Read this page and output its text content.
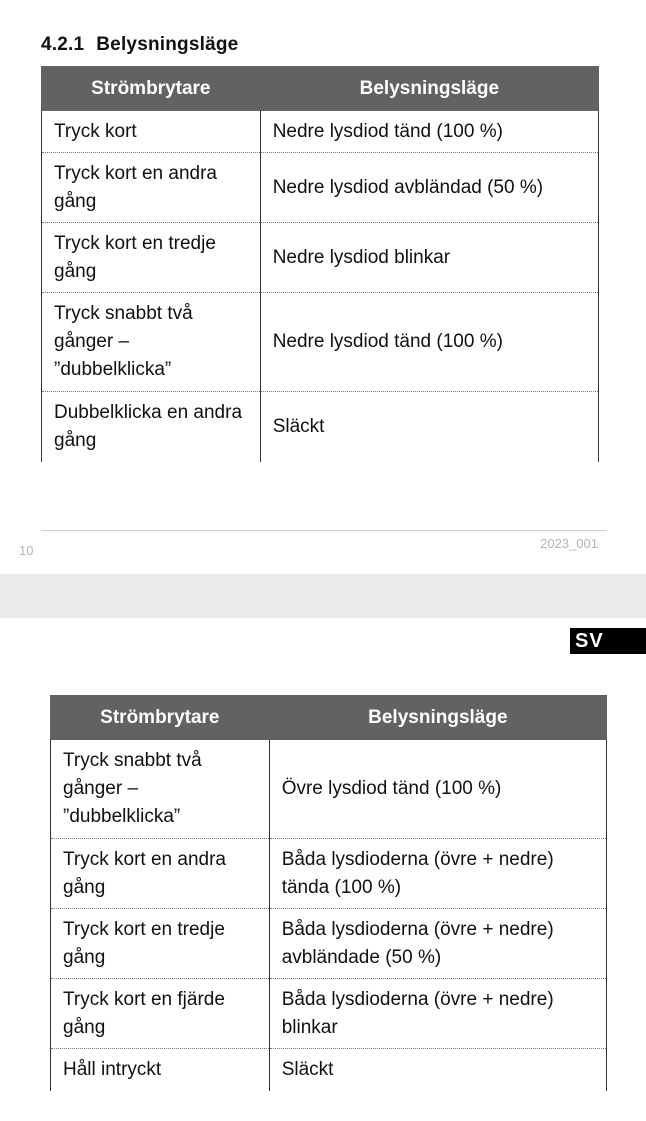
4.2.1 Belysningsläge
Strömbrytare	Belysningsläge
Tryck kort	Nedre lysdiod tänd (100 %)
Tryck kort en andra gång	Nedre lysdiod avbländad (50 %)
Tryck kort en tredje gång	Nedre lysdiod blinkar
Tryck snabbt två gånger – ”dubbelklicka”	Nedre lysdiod tänd (100 %)
Dubbelklicka en andra gång	Släckt
10	2023_001
SV
Strömbrytare	Belysningsläge
Tryck snabbt två gånger – ”dubbelklicka”	Övre lysdiod tänd (100 %)
Tryck kort en andra gång	Båda lysdioderna (övre + nedre) tända (100 %)
Tryck kort en tredje gång	Båda lysdioderna (övre + nedre) avbländade (50 %)
Tryck kort en fjärde gång	Båda lysdioderna (övre + nedre) blinkar
Håll intryckt	Släckt
